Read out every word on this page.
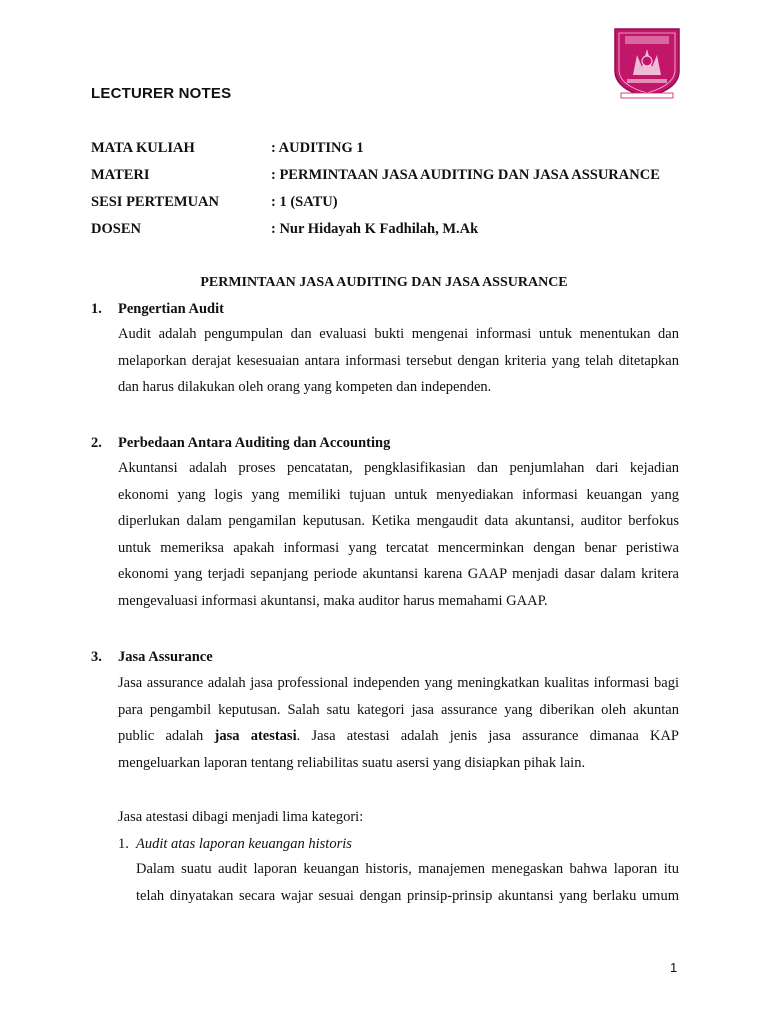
LECTURER NOTES
MATA KULIAH	: AUDITING 1
MATERI	: PERMINTAAN JASA AUDITING DAN JASA ASSURANCE
SESI PERTEMUAN	: 1 (SATU)
DOSEN	: Nur Hidayah K Fadhilah, M.Ak
PERMINTAAN JASA AUDITING DAN JASA ASSURANCE
1. Pengertian Audit

Audit adalah pengumpulan dan evaluasi bukti mengenai informasi untuk menentukan dan
melaporkan derajat kesesuaian antara informasi tersebut dengan kriteria yang telah ditetapkan
dan harus dilakukan oleh orang yang kompeten dan independen.

2. Perbedaan Antara Auditing dan Accounting

Akuntansi adalah proses pencatatan, pengklasifikasian dan penjumlahan dari kejadian
ekonomi yang logis yang memiliki tujuan untuk menyediakan informasi keuangan yang
diperlukan dalam pengamilan keputusan. Ketika mengaudit data akuntansi, auditor berfokus
untuk memeriksa apakah informasi yang tercatat mencerminkan dengan benar peristiwa
ekonomi yang terjadi sepanjang periode akuntansi karena GAAP menjadi dasar dalam kritera
mengevaluasi informasi akuntansi, maka auditor harus memahami GAAP.

3. Jasa Assurance

Jasa assurance adalah jasa professional independen yang meningkatkan kualitas informasi bagi
para pengambil keputusan. Salah satu kategori jasa assurance yang diberikan oleh akuntan
public adalah jasa atestasi. Jasa atestasi adalah jenis jasa assurance dimanaa KAP
mengeluarkan laporan tentang reliabilitas suatu asersi yang disiapkan pihak lain.

Jasa atestasi dibagi menjadi lima kategori:
1. Audit atas laporan keuangan historis

Dalam suatu audit laporan keuangan historis, manajemen menegaskan bahwa laporan itu
telah dinyatakan secara wajar sesuai dengan prinsip-prinsip akuntansi yang berlaku umum

1
